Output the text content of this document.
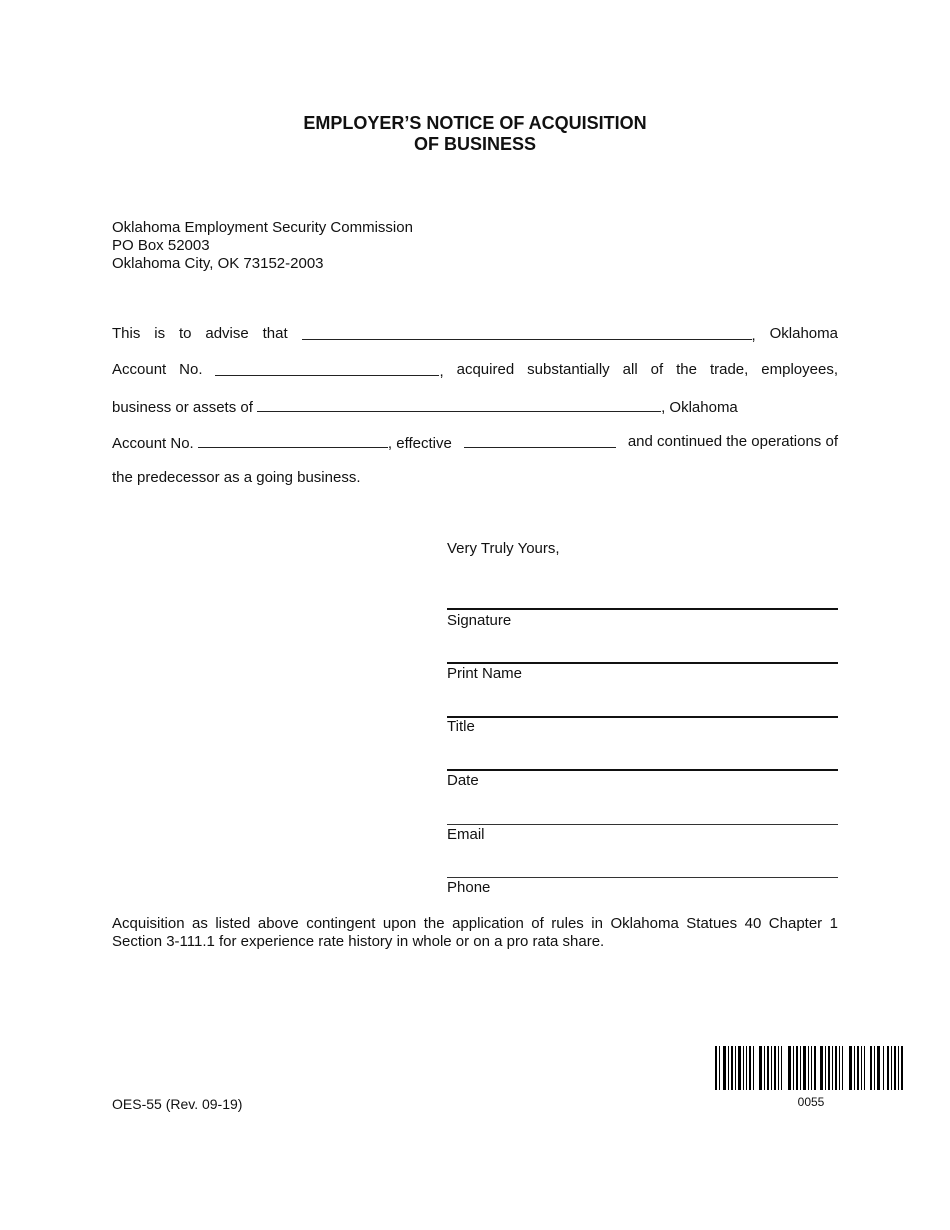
EMPLOYER’S NOTICE OF ACQUISITION
OF BUSINESS
Oklahoma Employment Security Commission
PO Box 52003
Oklahoma City, OK 73152-2003
This is to advise that	, Oklahoma
Account No.	, acquired substantially all of the trade, employees,
business or assets of	, Oklahoma
Account No.	, effective	and continued the operations of
the predecessor as a going business.
Very Truly Yours,
Signature
Print Name
Title
Date
Email
Phone
Acquisition as listed above contingent upon the application of rules in Oklahoma Statues 40 Chapter 1 Section 3-111.1 for experience rate history in whole or on a pro rata share.
OES-55 (Rev. 09-19)	0055
